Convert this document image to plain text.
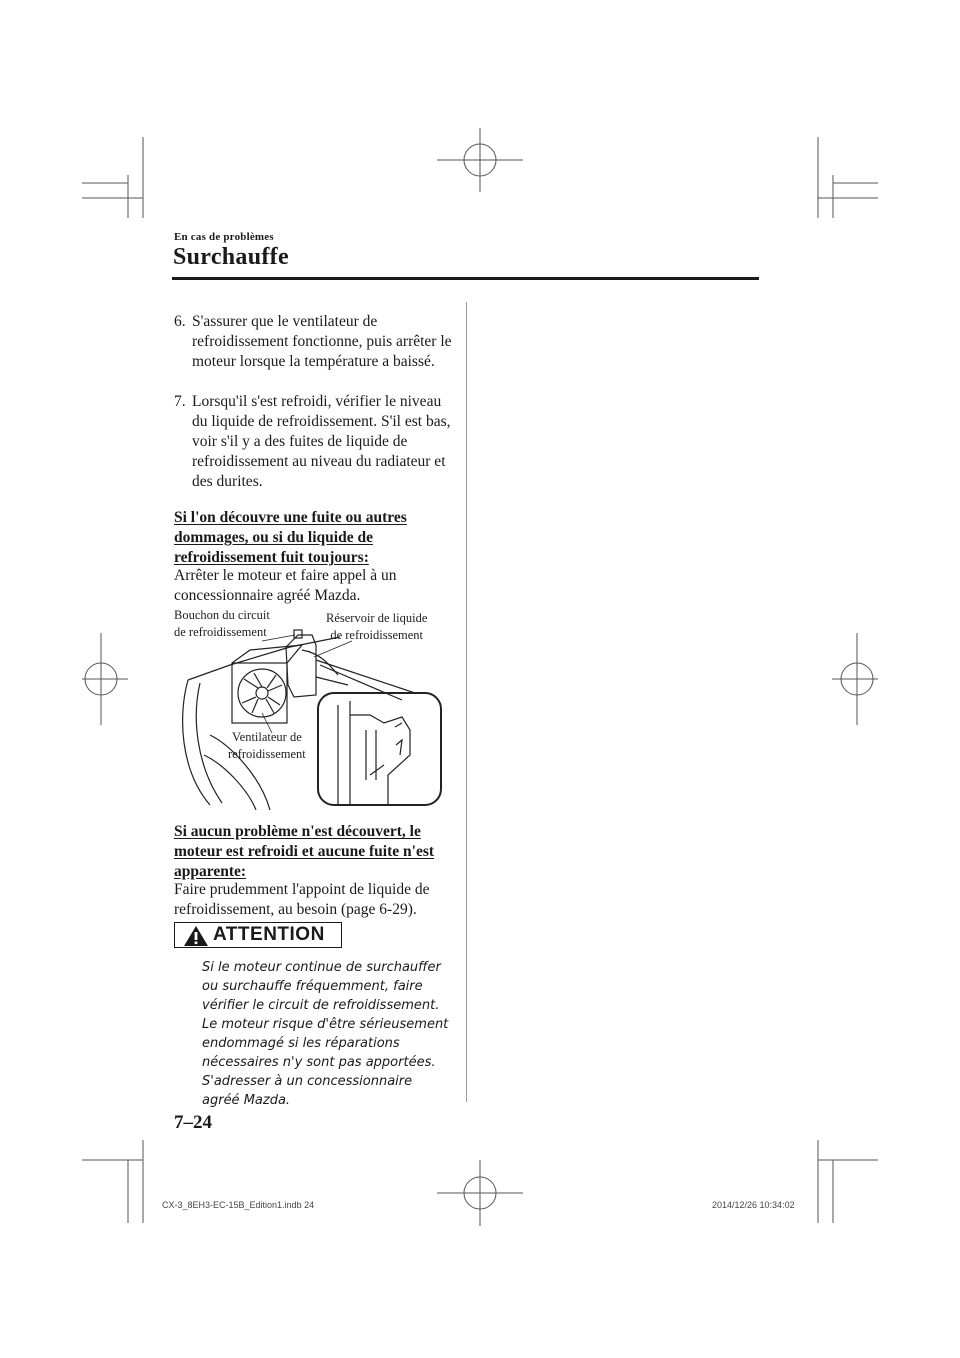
En cas de problèmes
Surchauffe
6. S'assurer que le ventilateur de refroidissement fonctionne, puis arrêter le moteur lorsque la température a baissé.
7. Lorsqu'il s'est refroidi, vérifier le niveau du liquide de refroidissement. S'il est bas, voir s'il y a des fuites de liquide de refroidissement au niveau du radiateur et des durites.
Si l'on découvre une fuite ou autres dommages, ou si du liquide de refroidissement fuit toujours:
Arrêter le moteur et faire appel à un concessionnaire agréé Mazda.
Bouchon du circuit
de refroidissement
Réservoir de liquide
de refroidissement
Ventilateur de
refroidissement
Si aucun problème n'est découvert, le moteur est refroidi et aucune fuite n'est apparente:
Faire prudemment l'appoint de liquide de refroidissement, au besoin (page 6-29).
ATTENTION
Si le moteur continue de surchauffer ou surchauffe fréquemment, faire vérifier le circuit de refroidissement. Le moteur risque d'être sérieusement endommagé si les réparations nécessaires n'y sont pas apportées. S'adresser à un concessionnaire agréé Mazda.
7–24
CX-3_8EH3-EC-15B_Edition1.indb 24	2014/12/26 10:34:02
